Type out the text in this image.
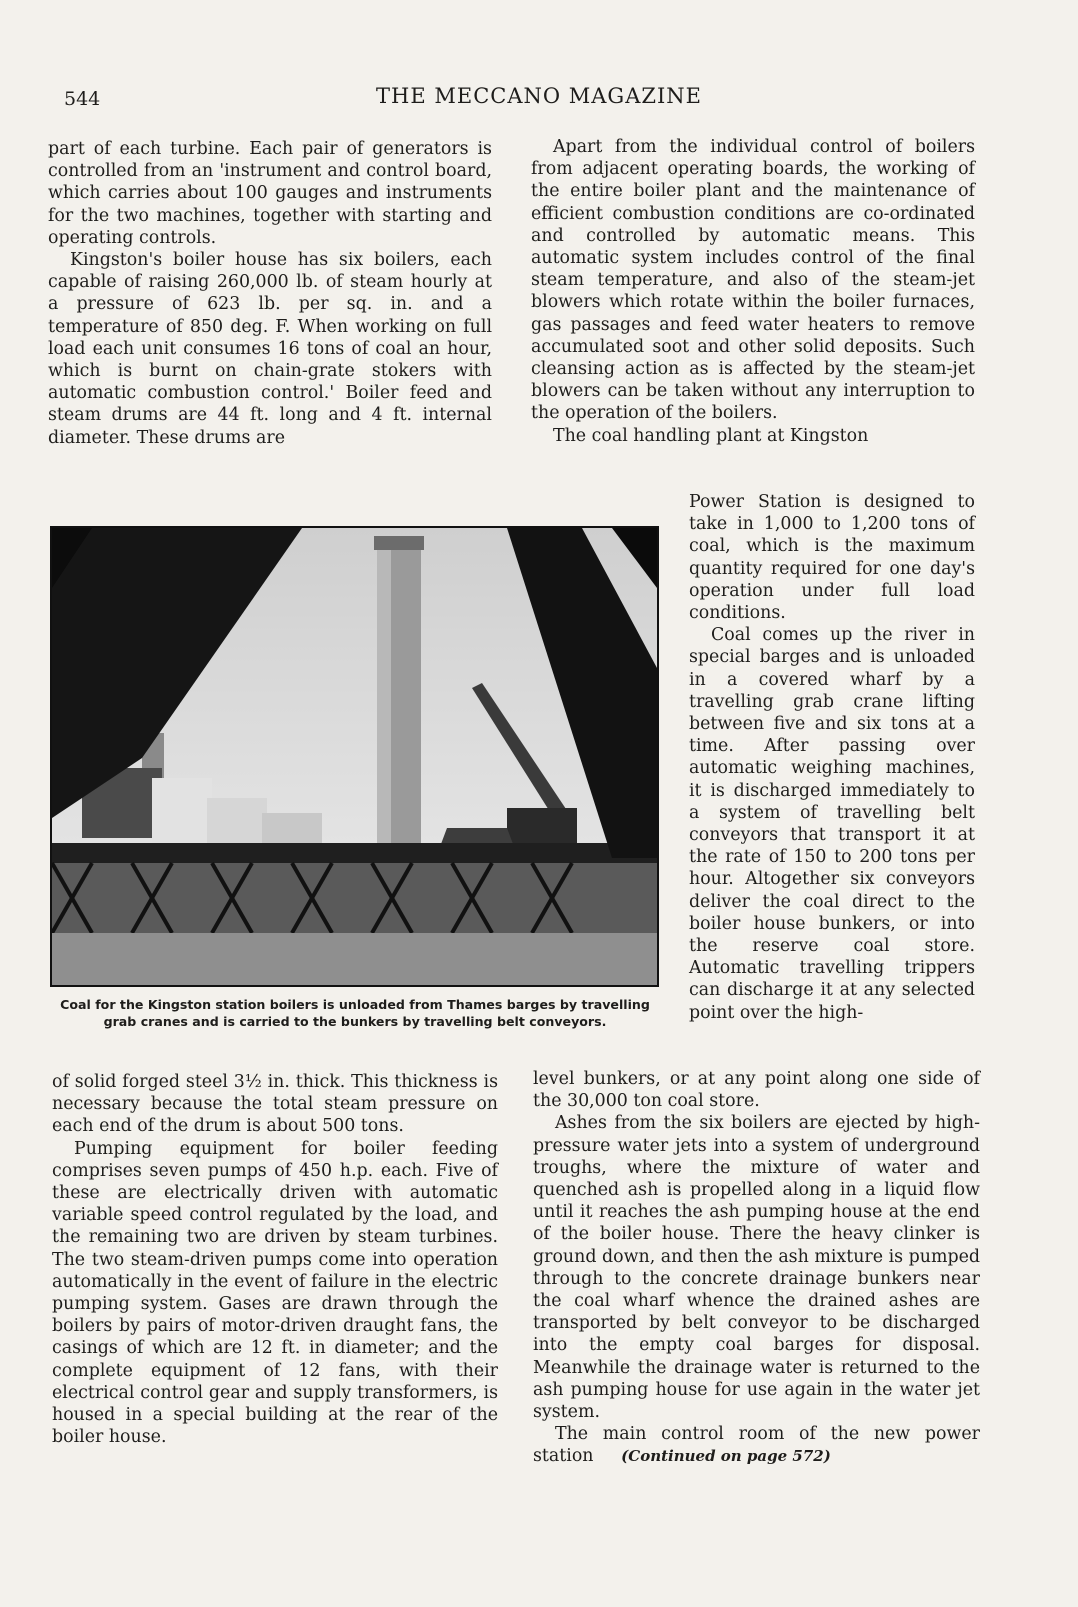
544	THE MECCANO MAGAZINE

part of each turbine. Each pair of generators is controlled from an 'instrument and control board, which carries about 100 gauges and instruments for the two machines, together with starting and operating controls.

Kingston's boiler house has six boilers, each capable of raising 260,000 lb. of steam hourly at a pressure of 623 lb. per sq. in. and a temperature of 850 deg. F. When working on full load each unit consumes 16 tons of coal an hour, which is burnt on chain-grate stokers with automatic combustion control.' Boiler feed and steam drums are 44 ft. long and 4 ft. internal diameter. These drums are

Coal for the Kingston station boilers is unloaded from Thames barges by travelling grab cranes and is carried to the bunkers by travelling belt conveyors.

of solid forged steel 3½ in. thick. This thickness is necessary because the total steam pressure on each end of the drum is about 500 tons.

Pumping equipment for boiler feeding comprises seven pumps of 450 h.p. each. Five of these are electrically driven with automatic variable speed control regulated by the load, and the remaining two are driven by steam turbines. The two steam-driven pumps come into operation automatically in the event of failure in the electric pumping system. Gases are drawn through the boilers by pairs of motor-driven draught fans, the casings of which are 12 ft. in diameter; and the complete equipment of 12 fans, with their electrical control gear and supply transformers, is housed in a special building at the rear of the boiler house.

Apart from the individual control of boilers from adjacent operating boards, the working of the entire boiler plant and the maintenance of efficient combustion conditions are co-ordinated and controlled by automatic means. This automatic system includes control of the final steam temperature, and also of the steam-jet blowers which rotate within the boiler furnaces, gas passages and feed water heaters to remove accumulated soot and other solid deposits. Such cleansing action as is affected by the steam-jet blowers can be taken without any interruption to the operation of the boilers.

The coal handling plant at Kingston

Power Station is designed to take in 1,000 to 1,200 tons of coal, which is the maximum quantity required for one day's operation under full load conditions.

Coal comes up the river in special barges and is unloaded in a covered wharf by a travelling grab crane lifting between five and six tons at a time. After passing over automatic weighing machines, it is discharged immediately to a system of travelling belt conveyors that transport it at the rate of 150 to 200 tons per hour. Altogether six conveyors deliver the coal direct to the boiler house bunkers, or into the reserve coal store. Automatic travelling trippers can discharge it at any selected point over the high-

level bunkers, or at any point along one side of the 30,000 ton coal store.

Ashes from the six boilers are ejected by high-pressure water jets into a system of underground troughs, where the mixture of water and quenched ash is propelled along in a liquid flow until it reaches the ash pumping house at the end of the boiler house. There the heavy clinker is ground down, and then the ash mixture is pumped through to the concrete drainage bunkers near the coal wharf whence the drained ashes are transported by belt conveyor to be discharged into the empty coal barges for disposal. Meanwhile the drainage water is returned to the ash pumping house for use again in the water jet system.

The main control room of the new power station (Continued on page 572)
